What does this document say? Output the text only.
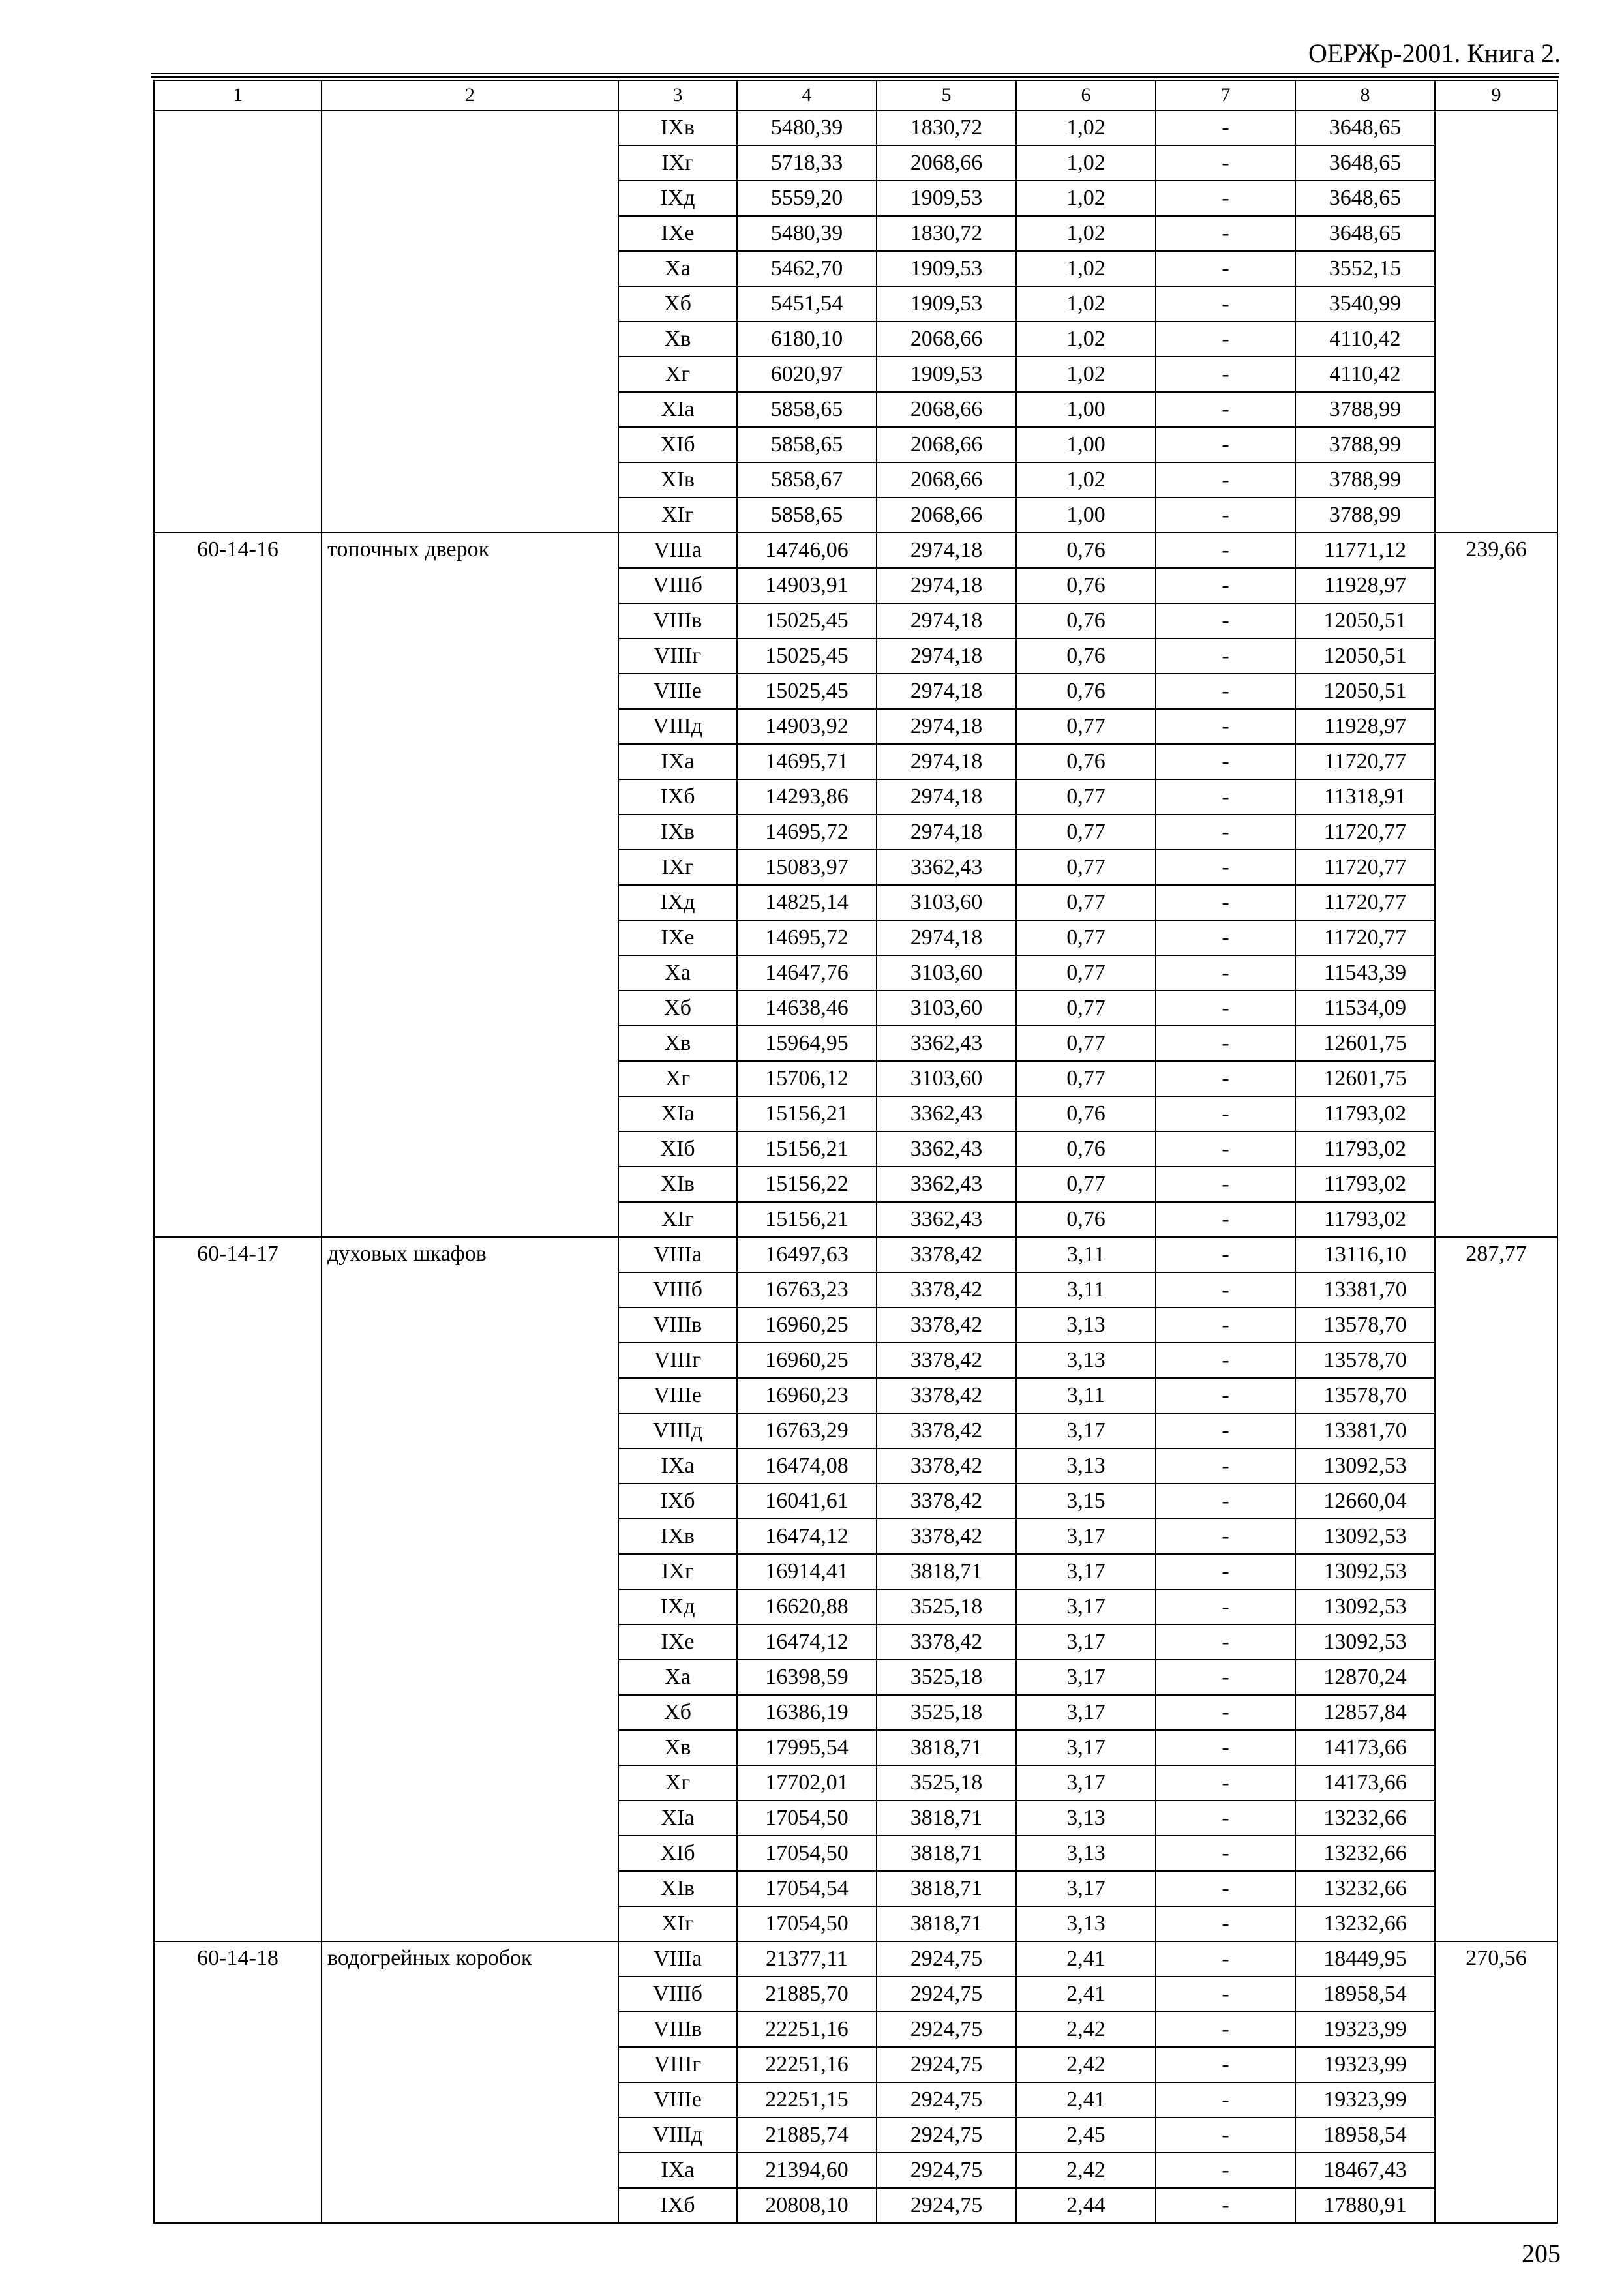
ОЕРЖр-2001. Книга 2.
1	2	3	4	5	6	7	8	9
		IXв	5480,39	1830,72	1,02	-	3648,65	
		IXг	5718,33	2068,66	1,02	-	3648,65	
		IXд	5559,20	1909,53	1,02	-	3648,65	
		IXе	5480,39	1830,72	1,02	-	3648,65	
		Xа	5462,70	1909,53	1,02	-	3552,15	
		Xб	5451,54	1909,53	1,02	-	3540,99	
		Xв	6180,10	2068,66	1,02	-	4110,42	
		Xг	6020,97	1909,53	1,02	-	4110,42	
		XIа	5858,65	2068,66	1,00	-	3788,99	
		XIб	5858,65	2068,66	1,00	-	3788,99	
		XIв	5858,67	2068,66	1,02	-	3788,99	
		XIг	5858,65	2068,66	1,00	-	3788,99	
60-14-16	топочных дверок	VIIIа	14746,06	2974,18	0,76	-	11771,12	239,66
		VIIIб	14903,91	2974,18	0,76	-	11928,97	
		VIIIв	15025,45	2974,18	0,76	-	12050,51	
		VIIIг	15025,45	2974,18	0,76	-	12050,51	
		VIIIе	15025,45	2974,18	0,76	-	12050,51	
		VIIIд	14903,92	2974,18	0,77	-	11928,97	
		IXа	14695,71	2974,18	0,76	-	11720,77	
		IXб	14293,86	2974,18	0,77	-	11318,91	
		IXв	14695,72	2974,18	0,77	-	11720,77	
		IXг	15083,97	3362,43	0,77	-	11720,77	
		IXд	14825,14	3103,60	0,77	-	11720,77	
		IXе	14695,72	2974,18	0,77	-	11720,77	
		Xа	14647,76	3103,60	0,77	-	11543,39	
		Xб	14638,46	3103,60	0,77	-	11534,09	
		Xв	15964,95	3362,43	0,77	-	12601,75	
		Xг	15706,12	3103,60	0,77	-	12601,75	
		XIа	15156,21	3362,43	0,76	-	11793,02	
		XIб	15156,21	3362,43	0,76	-	11793,02	
		XIв	15156,22	3362,43	0,77	-	11793,02	
		XIг	15156,21	3362,43	0,76	-	11793,02	
60-14-17	духовых шкафов	VIIIа	16497,63	3378,42	3,11	-	13116,10	287,77
		VIIIб	16763,23	3378,42	3,11	-	13381,70	
		VIIIв	16960,25	3378,42	3,13	-	13578,70	
		VIIIг	16960,25	3378,42	3,13	-	13578,70	
		VIIIе	16960,23	3378,42	3,11	-	13578,70	
		VIIIд	16763,29	3378,42	3,17	-	13381,70	
		IXа	16474,08	3378,42	3,13	-	13092,53	
		IXб	16041,61	3378,42	3,15	-	12660,04	
		IXв	16474,12	3378,42	3,17	-	13092,53	
		IXг	16914,41	3818,71	3,17	-	13092,53	
		IXд	16620,88	3525,18	3,17	-	13092,53	
		IXе	16474,12	3378,42	3,17	-	13092,53	
		Xа	16398,59	3525,18	3,17	-	12870,24	
		Xб	16386,19	3525,18	3,17	-	12857,84	
		Xв	17995,54	3818,71	3,17	-	14173,66	
		Xг	17702,01	3525,18	3,17	-	14173,66	
		XIа	17054,50	3818,71	3,13	-	13232,66	
		XIб	17054,50	3818,71	3,13	-	13232,66	
		XIв	17054,54	3818,71	3,17	-	13232,66	
		XIг	17054,50	3818,71	3,13	-	13232,66	
60-14-18	водогрейных коробок	VIIIа	21377,11	2924,75	2,41	-	18449,95	270,56
		VIIIб	21885,70	2924,75	2,41	-	18958,54	
		VIIIв	22251,16	2924,75	2,42	-	19323,99	
		VIIIг	22251,16	2924,75	2,42	-	19323,99	
		VIIIе	22251,15	2924,75	2,41	-	19323,99	
		VIIIд	21885,74	2924,75	2,45	-	18958,54	
		IXа	21394,60	2924,75	2,42	-	18467,43	
		IXб	20808,10	2924,75	2,44	-	17880,91	
205
